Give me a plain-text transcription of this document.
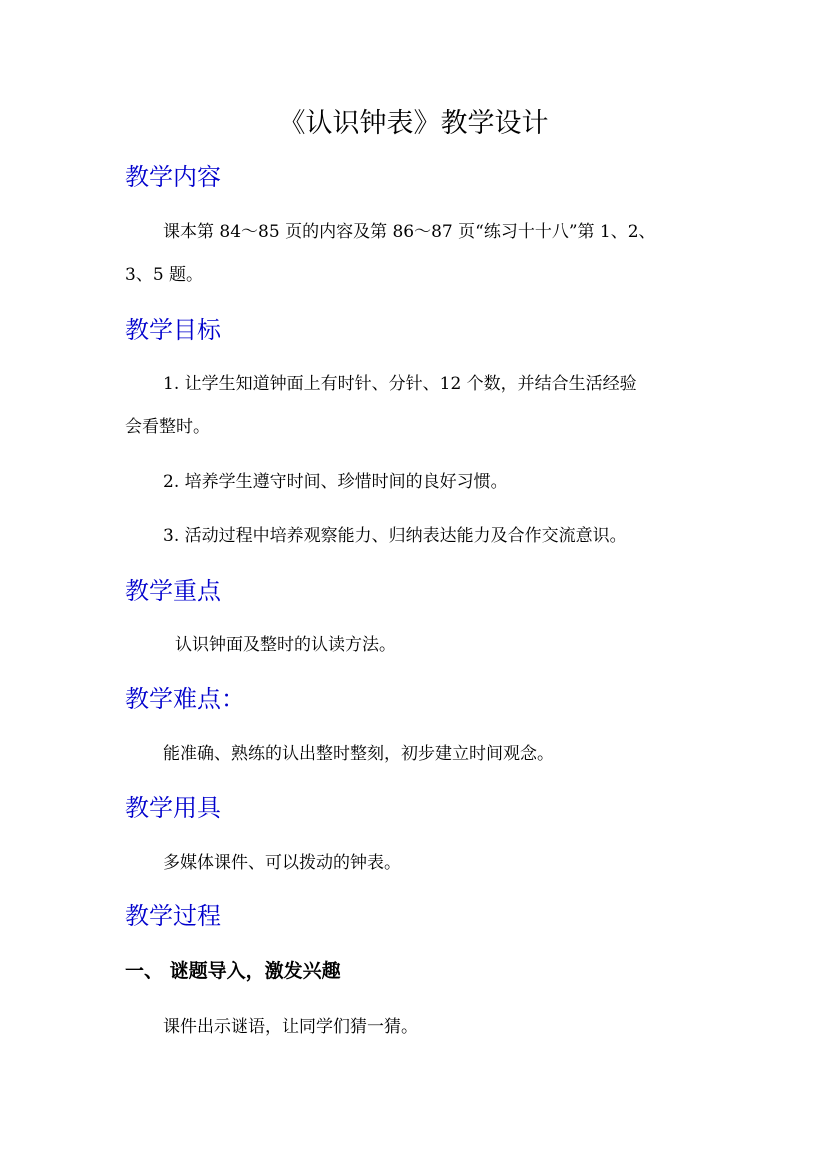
《认识钟表》教学设计
教学内容
课本第 84～85 页的内容及第 86～87 页“练习十十八”第 1、2、
3、5 题。
教学目标
1. 让学生知道钟面上有时针、分针、12 个数，并结合生活经验
会看整时。
2. 培养学生遵守时间、珍惜时间的良好习惯。
3. 活动过程中培养观察能力、归纳表达能力及合作交流意识。
教学重点
认识钟面及整时的认读方法。
教学难点：
能准确、熟练的认出整时整刻，初步建立时间观念。
教学用具
多媒体课件、可以拨动的钟表。
教学过程
一、 谜题导入，激发兴趣
课件出示谜语，让同学们猜一猜。
